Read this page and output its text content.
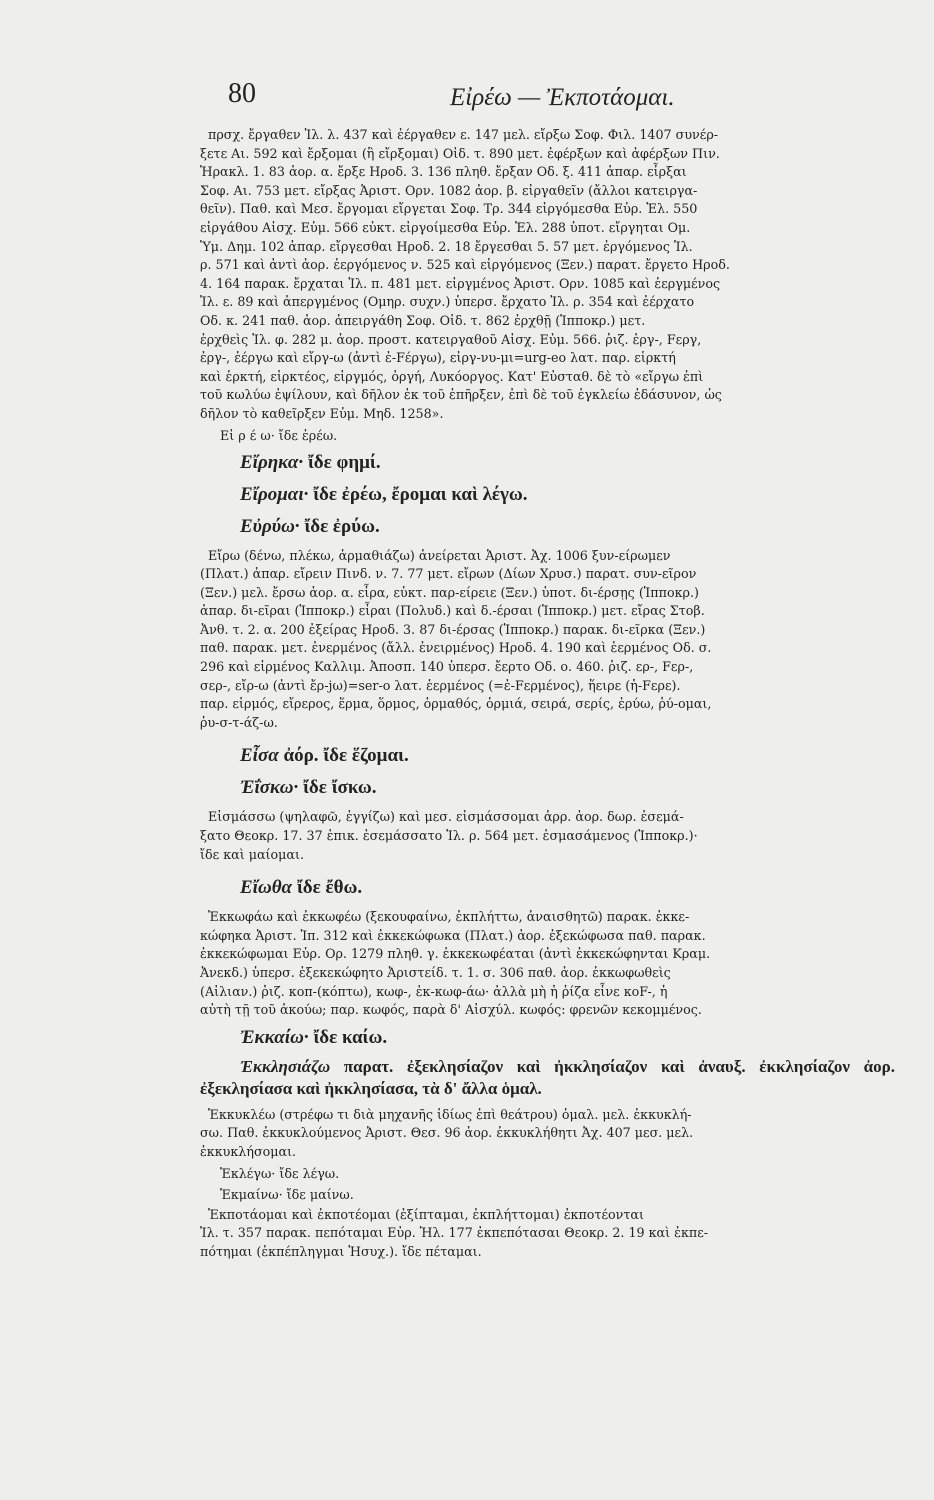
80	Εἰρέω — Ἐκποτάομαι.

πρσχ. ἔργαθεν Ἰλ. λ. 437 καὶ ἐέργαθεν ε. 147 μελ. εἴρξω Σοφ. Φιλ. 1407 συνέρ-

ξετε Αι. 592 καὶ ἔρξομαι (ἢ εἴρξομαι) Οἰδ. τ. 890 μετ. ἐφέρξων καὶ ἀφέρξων Πιν.

Ἡρακλ. 1. 83 ἀορ. α. ἔρξε Ηροδ. 3. 136 πληθ. ἔρξαν Οδ. ξ. 411 ἀπαρ. εἶρξαι

Σοφ. Αι. 753 μετ. εἴρξας Ἀριστ. Ορν. 1082 ἀορ. β. εἰργαθεῖν (ἄλλοι κατειργα-

θεῖν). Παθ. καὶ Μεσ. ἔργομαι εἴργεται Σοφ. Τρ. 344 εἰργόμεσθα Εὐρ. Ἑλ. 550

εἰργάθου Αἰσχ. Εὐμ. 566 εὐκτ. εἰργοίμεσθα Εὐρ. Ἑλ. 288 ὑποτ. εἴργηται Ομ.

Ὑμ. Δημ. 102 ἀπαρ. εἴργεσθαι Ηροδ. 2. 18 ἔργεσθαι 5. 57 μετ. ἐργόμενος Ἰλ.

ρ. 571 καὶ ἀντὶ ἀορ. ἐεργόμενος ν. 525 καὶ εἰργόμενος (Ξεν.) παρατ. ἔργετο Ηροδ.

4. 164 παρακ. ἔρχαται Ἰλ. π. 481 μετ. εἰργμένος Ἀριστ. Ορν. 1085 καὶ ἐεργμένος

Ἰλ. ε. 89 καὶ ἀπεργμένος (Ομηρ. συχν.) ὑπερσ. ἔρχατο Ἰλ. ρ. 354 καὶ ἐέρχατο

Οδ. κ. 241 παθ. ἀορ. ἀπειργάθη Σοφ. Οἰδ. τ. 862 ἐρχθῇ (Ἱπποκρ.) μετ.

ἐρχθεὶς Ἰλ. φ. 282 μ. ἀορ. προστ. κατειργαθοῦ Αἰσχ. Εὐμ. 566. ῥιζ. ἐργ-, Fεργ,

ἐργ-, ἐέργω καὶ εἴργ-ω (ἀντὶ ἐ-Fέργω), εἰργ-νυ-μι=urg-eo λατ. παρ. εἱρκτή

καὶ ἑρκτή, εἱρκτέος, εἱργμός, ὀργή, Λυκόοργος. Κατ' Εὐσταθ. δὲ τὸ «εἴργω ἐπὶ

τοῦ κωλύω ἐψίλουν, καὶ δῆλον ἐκ τοῦ ἐπῆρξεν, ἐπὶ δὲ τοῦ ἐγκλείω ἐδάσυνον, ὡς

δῆλον τὸ καθεῖρξεν Εὐμ. Μηδ. 1258».

Εἰ ρ έ ω· ἴδε ἐρέω.
Εἴρηκα· ἴδε φημί.
Εἴρομαι· ἴδε ἐρέω, ἔρομαι καὶ λέγω.
Εὐρύω· ἴδε ἐρύω.

Εἴρω (δένω, πλέκω, ἁρμαθιάζω) ἀνείρεται Ἀριστ. Ἀχ. 1006 ξυν-είρωμεν

(Πλατ.) ἀπαρ. εἴρειν Πινδ. ν. 7. 77 μετ. εἴρων (Δίων Χρυσ.) παρατ. συν-εῖρον

(Ξεν.) μελ. ἔρσω ἀορ. α. εἶρα, εὐκτ. παρ-είρειε (Ξεν.) ὑποτ. δι-έρσῃς (Ἱπποκρ.)

ἀπαρ. δι-εῖραι (Ἱπποκρ.) εἶραι (Πολυδ.) καὶ δ.-έρσαι (Ἱπποκρ.) μετ. εἴρας Στοβ.

Ἀνθ. τ. 2. α. 200 ἐξείρας Ηροδ. 3. 87 δι-έρσας (Ἱπποκρ.) παρακ. δι-εῖρκα (Ξεν.)

παθ. παρακ. μετ. ἐνερμένος (ἄλλ. ἐνειρμένος) Ηροδ. 4. 190 καὶ ἑερμένος Οδ. σ.

296 καὶ εἰρμένος Καλλιμ. Ἀποσπ. 140 ὑπερσ. ἔερτο Οδ. ο. 460. ῥιζ. ερ-, Fερ-,

σερ-, εἴρ-ω (ἀντὶ ἔρ-jω)=ser-o λατ. ἑερμένος (=ἐ-Fερμένος), ἥειρε (ἡ-Fερε).

παρ. εἱρμός, εἴρερος, ἕρμα, ὅρμος, ὁρμαθός, ὁρμιά, σειρά, σερίς, ἐρύω, ῥύ-ομαι,

ῥυ-σ-τ-άζ-ω.

Εἶσα ἀόρ. ἴδε ἕζομαι.
Ἐΐσκω· ἴδε ἴσκω.

Εἰσμάσσω (ψηλαφῶ, ἐγγίζω) καὶ μεσ. εἰσμάσσομαι ἀρρ. ἀορ. δωρ. ἐσεμά-

ξατο Θεοκρ. 17. 37 ἐπικ. ἐσεμάσσατο Ἰλ. ρ. 564 μετ. ἐσμασάμενος (Ἱπποκρ.)·

ἴδε καὶ μαίομαι.

Εἴωθα ἴδε ἔθω.

Ἐκκωφάω καὶ ἐκκωφέω (ξεκουφαίνω, ἐκπλήττω, ἀναισθητῶ) παρακ. ἐκκε-

κώφηκα Ἀριστ. Ἱπ. 312 καὶ ἐκκεκώφωκα (Πλατ.) ἀορ. ἐξεκώφωσα παθ. παρακ.

ἐκκεκώφωμαι Εὐρ. Ορ. 1279 πληθ. γ. ἐκκεκωφέαται (ἀντὶ ἐκκεκώφηνται Κραμ.

Ἀνεκδ.) ὑπερσ. ἐξεκεκώφητο Ἀριστείδ. τ. 1. σ. 306 παθ. ἀορ. ἐκκωφωθεὶς

(Αἰλιαν.) ῥιζ. κοπ-(κόπτω), κωφ-, ἐκ-κωφ-άω· ἀλλὰ μὴ ἡ ῥίζα εἶνε κοF-, ἡ

αὐτὴ τῇ τοῦ ἀκούω; παρ. κωφός, παρὰ δ' Αἰσχύλ. κωφός: φρενῶν κεκομμένος.

Ἐκκαίω· ἴδε καίω.
Ἐκκλησιάζω παρατ. ἐξεκλησίαζον καὶ ἠκκλησίαζον καὶ ἀναυξ. ἐκκλησίαζον ἀορ. ἐξεκλησίασα καὶ ἠκκλησίασα, τὰ δ' ἄλλα ὁμαλ.

Ἐκκυκλέω (στρέφω τι διὰ μηχανῆς ἰδίως ἐπὶ θεάτρου) ὁμαλ. μελ. ἐκκυκλή-

σω. Παθ. ἐκκυκλούμενος Ἀριστ. Θεσ. 96 ἀορ. ἐκκυκλήθητι Ἀχ. 407 μεσ. μελ.

ἐκκυκλήσομαι.

Ἐκλέγω· ἴδε λέγω.
Ἐκμαίνω· ἴδε μαίνω.

Ἐκποτάομαι καὶ ἐκποτέομαι (ἐξίπταμαι, ἐκπλήττομαι) ἐκποτέονται

Ἰλ. τ. 357 παρακ. πεπόταμαι Εὐρ. Ἠλ. 177 ἐκπεπότασαι Θεοκρ. 2. 19 καὶ ἐκπε-

πότημαι (ἐκπέπληγμαι Ἡσυχ.). ἴδε πέταμαι.
